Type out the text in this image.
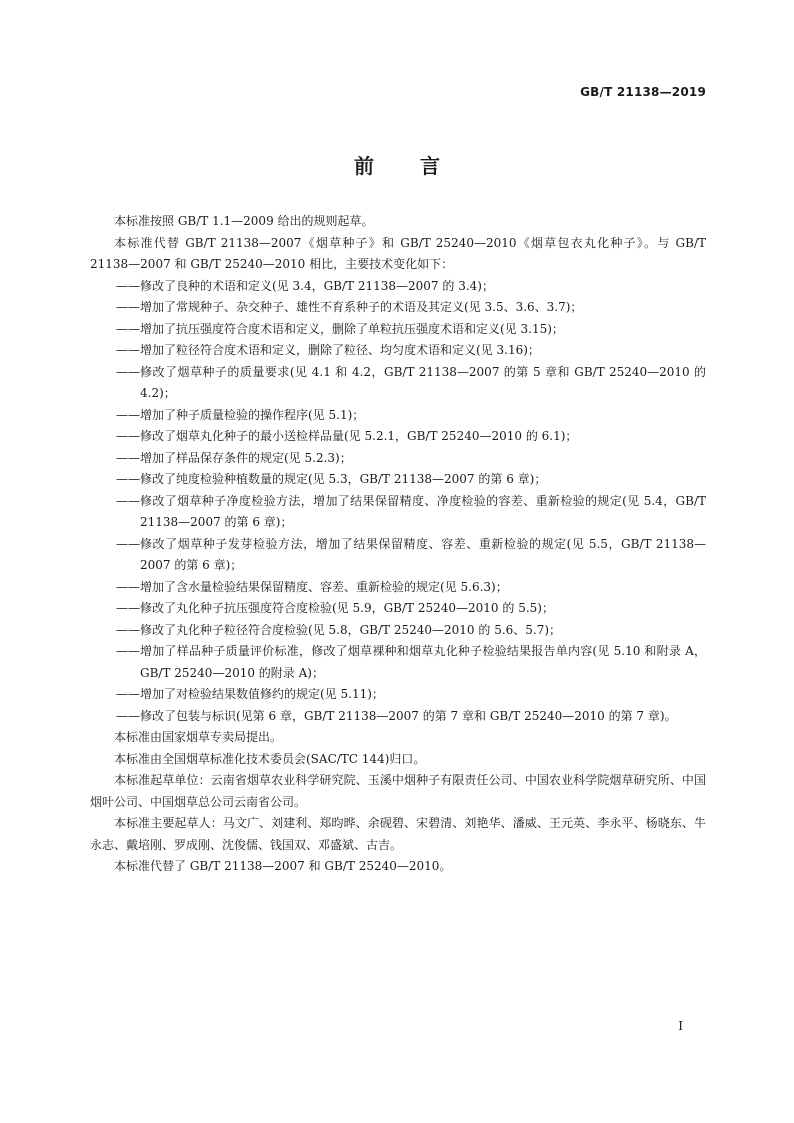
GB/T 21138—2019
前言

本标准按照 GB/T 1.1—2009 给出的规则起草。

本标准代替 GB/T 21138—2007《烟草种子》和 GB/T 25240—2010《烟草包衣丸化种子》。与 GB/T 21138—2007 和 GB/T 25240—2010 相比，主要技术变化如下：

—— 修改了良种的术语和定义(见 3.4，GB/T 21138—2007 的 3.4)；
—— 增加了常规种子、杂交种子、雄性不育系种子的术语及其定义(见 3.5、3.6、3.7)；
—— 增加了抗压强度符合度术语和定义，删除了单粒抗压强度术语和定义(见 3.15)；
—— 增加了粒径符合度术语和定义，删除了粒径、均匀度术语和定义(见 3.16)；
—— 修改了烟草种子的质量要求(见 4.1 和 4.2，GB/T 21138—2007 的第 5 章和 GB/T 25240—2010 的 4.2)；
—— 增加了种子质量检验的操作程序(见 5.1)；
—— 修改了烟草丸化种子的最小送检样品量(见 5.2.1，GB/T 25240—2010 的 6.1)；
—— 增加了样品保存条件的规定(见 5.2.3)；
—— 修改了纯度检验种植数量的规定(见 5.3，GB/T 21138—2007 的第 6 章)；
—— 修改了烟草种子净度检验方法，增加了结果保留精度、净度检验的容差、重新检验的规定(见 5.4，GB/T 21138—2007 的第 6 章)；
—— 修改了烟草种子发芽检验方法，增加了结果保留精度、容差、重新检验的规定(见 5.5，GB/T 21138—2007 的第 6 章)；
—— 增加了含水量检验结果保留精度、容差、重新检验的规定(见 5.6.3)；
—— 修改了丸化种子抗压强度符合度检验(见 5.9，GB/T 25240—2010 的 5.5)；
—— 修改了丸化种子粒径符合度检验(见 5.8，GB/T 25240—2010 的 5.6、5.7)；
—— 增加了样品种子质量评价标准，修改了烟草裸种和烟草丸化种子检验结果报告单内容(见 5.10 和附录 A，GB/T 25240—2010 的附录 A)；
—— 增加了对检验结果数值修约的规定(见 5.11)；
—— 修改了包装与标识(见第 6 章，GB/T 21138—2007 的第 7 章和 GB/T 25240—2010 的第 7 章)。

本标准由国家烟草专卖局提出。

本标准由全国烟草标准化技术委员会(SAC/TC 144)归口。

本标准起草单位：云南省烟草农业科学研究院、玉溪中烟种子有限责任公司、中国农业科学院烟草研究所、中国烟叶公司、中国烟草总公司云南省公司。

本标准主要起草人：马文广、刘建利、郑昀晔、余砚碧、宋碧清、刘艳华、潘威、王元英、李永平、杨晓东、牛永志、戴培刚、罗成刚、沈俊儒、钱国双、邓盛斌、古吉。

本标准代替了 GB/T 21138—2007 和 GB/T 25240—2010。

I
